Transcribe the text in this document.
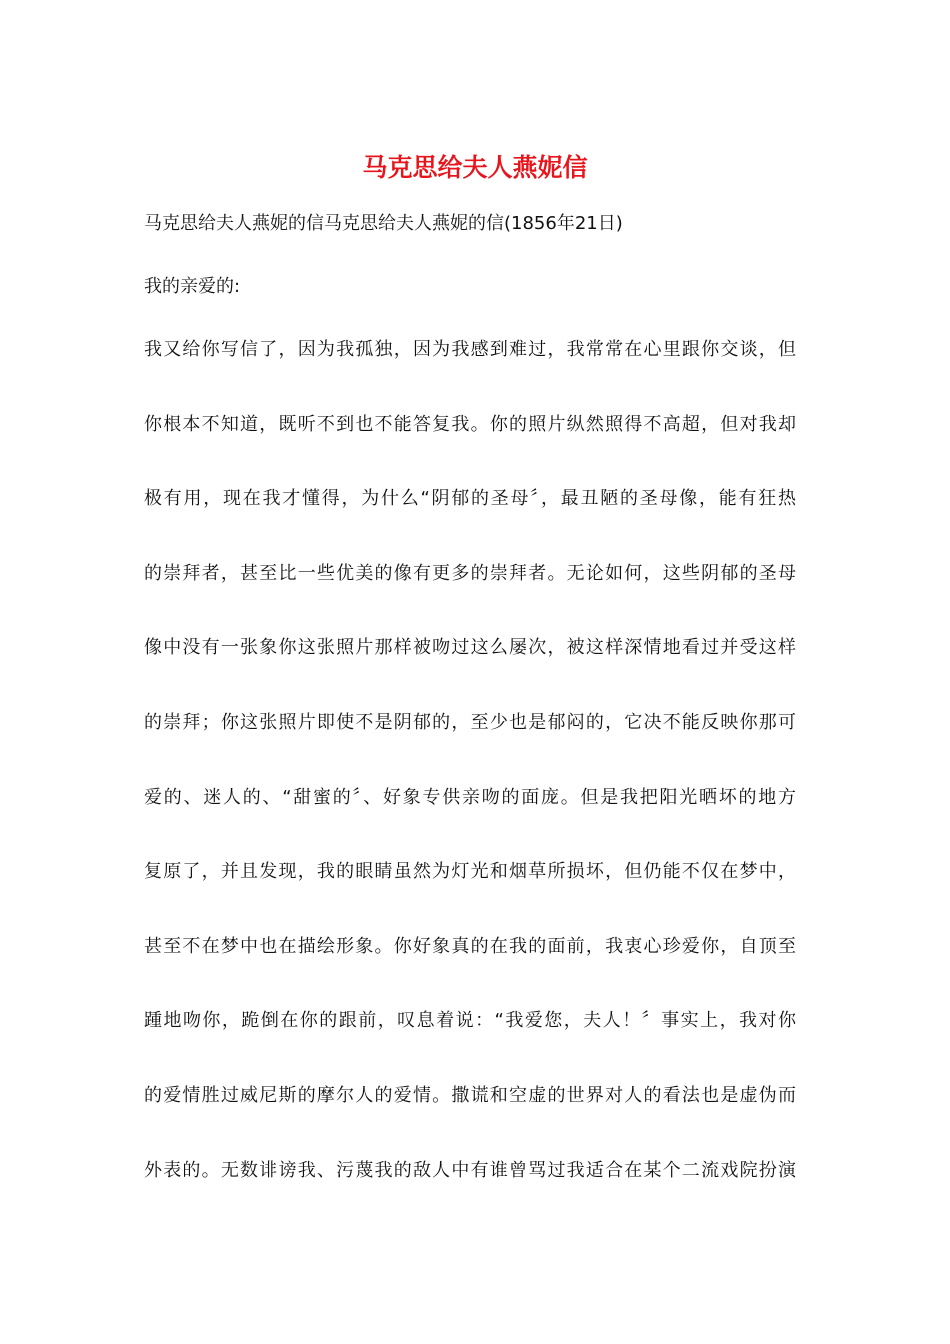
马克思给夫人燕妮信
马克思给夫人燕妮的信马克思给夫人燕妮的信(1856年21日)
我的亲爱的:
我又给你写信了，因为我孤独，因为我感到难过，我常常在心里跟你交谈，但
你根本不知道，既听不到也不能答复我。你的照片纵然照得不高超，但对我却
极有用，现在我才懂得，为什么“阴郁的圣母〞，最丑陋的圣母像，能有狂热
的崇拜者，甚至比一些优美的像有更多的崇拜者。无论如何，这些阴郁的圣母
像中没有一张象你这张照片那样被吻过这么屡次，被这样深情地看过并受这样
的崇拜；你这张照片即使不是阴郁的，至少也是郁闷的，它决不能反映你那可
爱的、迷人的、“甜蜜的〞、好象专供亲吻的面庞。但是我把阳光晒坏的地方
复原了，并且发现，我的眼睛虽然为灯光和烟草所损坏，但仍能不仅在梦中，
甚至不在梦中也在描绘形象。你好象真的在我的面前，我衷心珍爱你，自顶至
踵地吻你，跪倒在你的跟前，叹息着说：“我爱您，夫人！〞事实上，我对你
的爱情胜过威尼斯的摩尔人的爱情。撒谎和空虚的世界对人的看法也是虚伪而
外表的。无数诽谤我、污蔑我的敌人中有谁曾骂过我适合在某个二流戏院扮演
